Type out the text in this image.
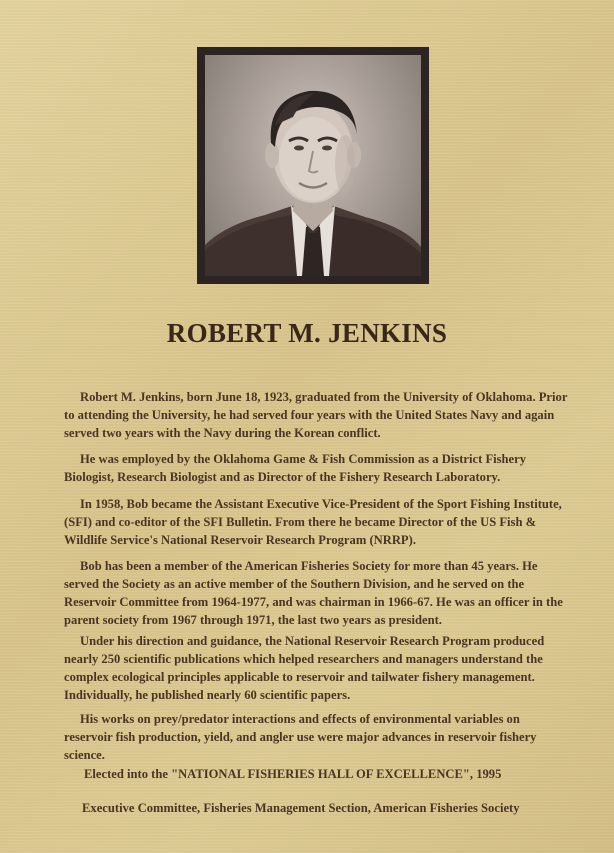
ROBERT M. JENKINS

Robert M. Jenkins, born June 18, 1923, graduated from the University of Oklahoma. Prior to attending the University, he had served four years with the United States Navy and again served two years with the Navy during the Korean conflict.

He was employed by the Oklahoma Game & Fish Commission as a District Fishery Biologist, Research Biologist and as Director of the Fishery Research Laboratory.

In 1958, Bob became the Assistant Executive Vice-President of the Sport Fishing Institute, (SFI) and co-editor of the SFI Bulletin. From there he became Director of the US Fish & Wildlife Service's National Reservoir Research Program (NRRP).

Bob has been a member of the American Fisheries Society for more than 45 years. He served the Society as an active member of the Southern Division, and he served on the Reservoir Committee from 1964-1977, and was chairman in 1966-67. He was an officer in the parent society from 1967 through 1971, the last two years as president.

Under his direction and guidance, the National Reservoir Research Program produced nearly 250 scientific publications which helped researchers and managers understand the complex ecological principles applicable to reservoir and tailwater fishery management. Individually, he published nearly 60 scientific papers.

His works on prey/predator interactions and effects of environmental variables on reservoir fish production, yield, and angler use were major advances in reservoir fishery science.

Elected into the "NATIONAL FISHERIES HALL OF EXCELLENCE", 1995

Executive Committee, Fisheries Management Section, American Fisheries Society
